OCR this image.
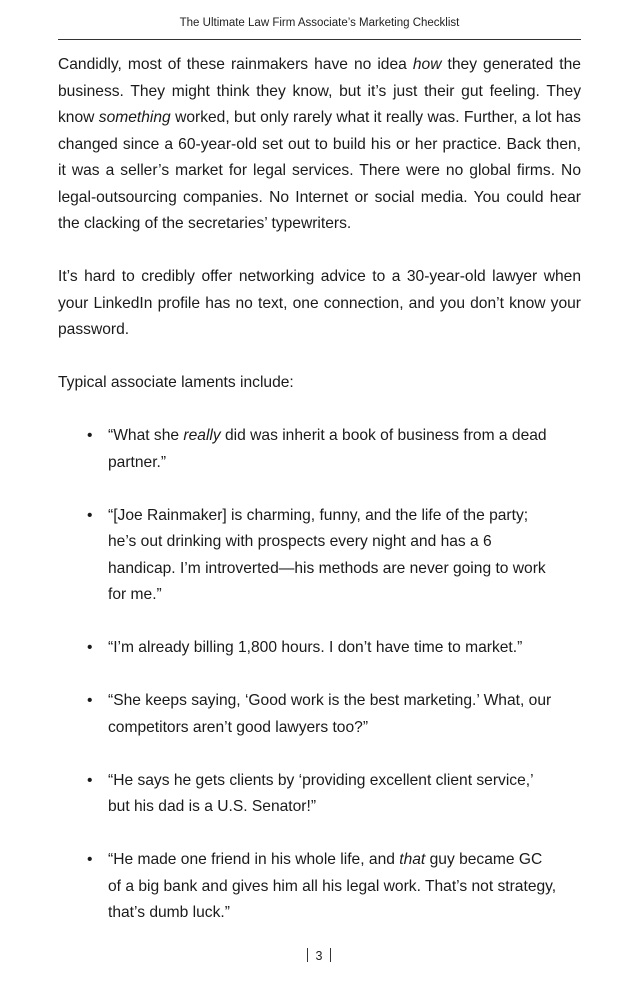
The Ultimate Law Firm Associate’s Marketing Checklist

Candidly, most of these rainmakers have no idea how they generated the business. They might think they know, but it’s just their gut feeling. They know something worked, but only rarely what it really was. Further, a lot has changed since a 60-year-old set out to build his or her practice. Back then, it was a seller’s market for legal services. There were no global firms. No legal-outsourcing companies. No Internet or social media. You could hear the clacking of the secretaries’ typewriters.

It’s hard to credibly offer networking advice to a 30-year-old lawyer when your LinkedIn profile has no text, one connection, and you don’t know your password.

Typical associate laments include:

• “What she really did was inherit a book of business from a dead partner.”
• “[Joe Rainmaker] is charming, funny, and the life of the party; he’s out drinking with prospects every night and has a 6 handicap. I’m introverted—his methods are never going to work for me.”
• “I’m already billing 1,800 hours. I don’t have time to market.”
• “She keeps saying, ‘Good work is the best marketing.’ What, our competitors aren’t good lawyers too?”
• “He says he gets clients by ‘providing excellent client service,’ but his dad is a U.S. Senator!”
• “He made one friend in his whole life, and that guy became GC of a big bank and gives him all his legal work. That’s not strategy, that’s dumb luck.”
3
